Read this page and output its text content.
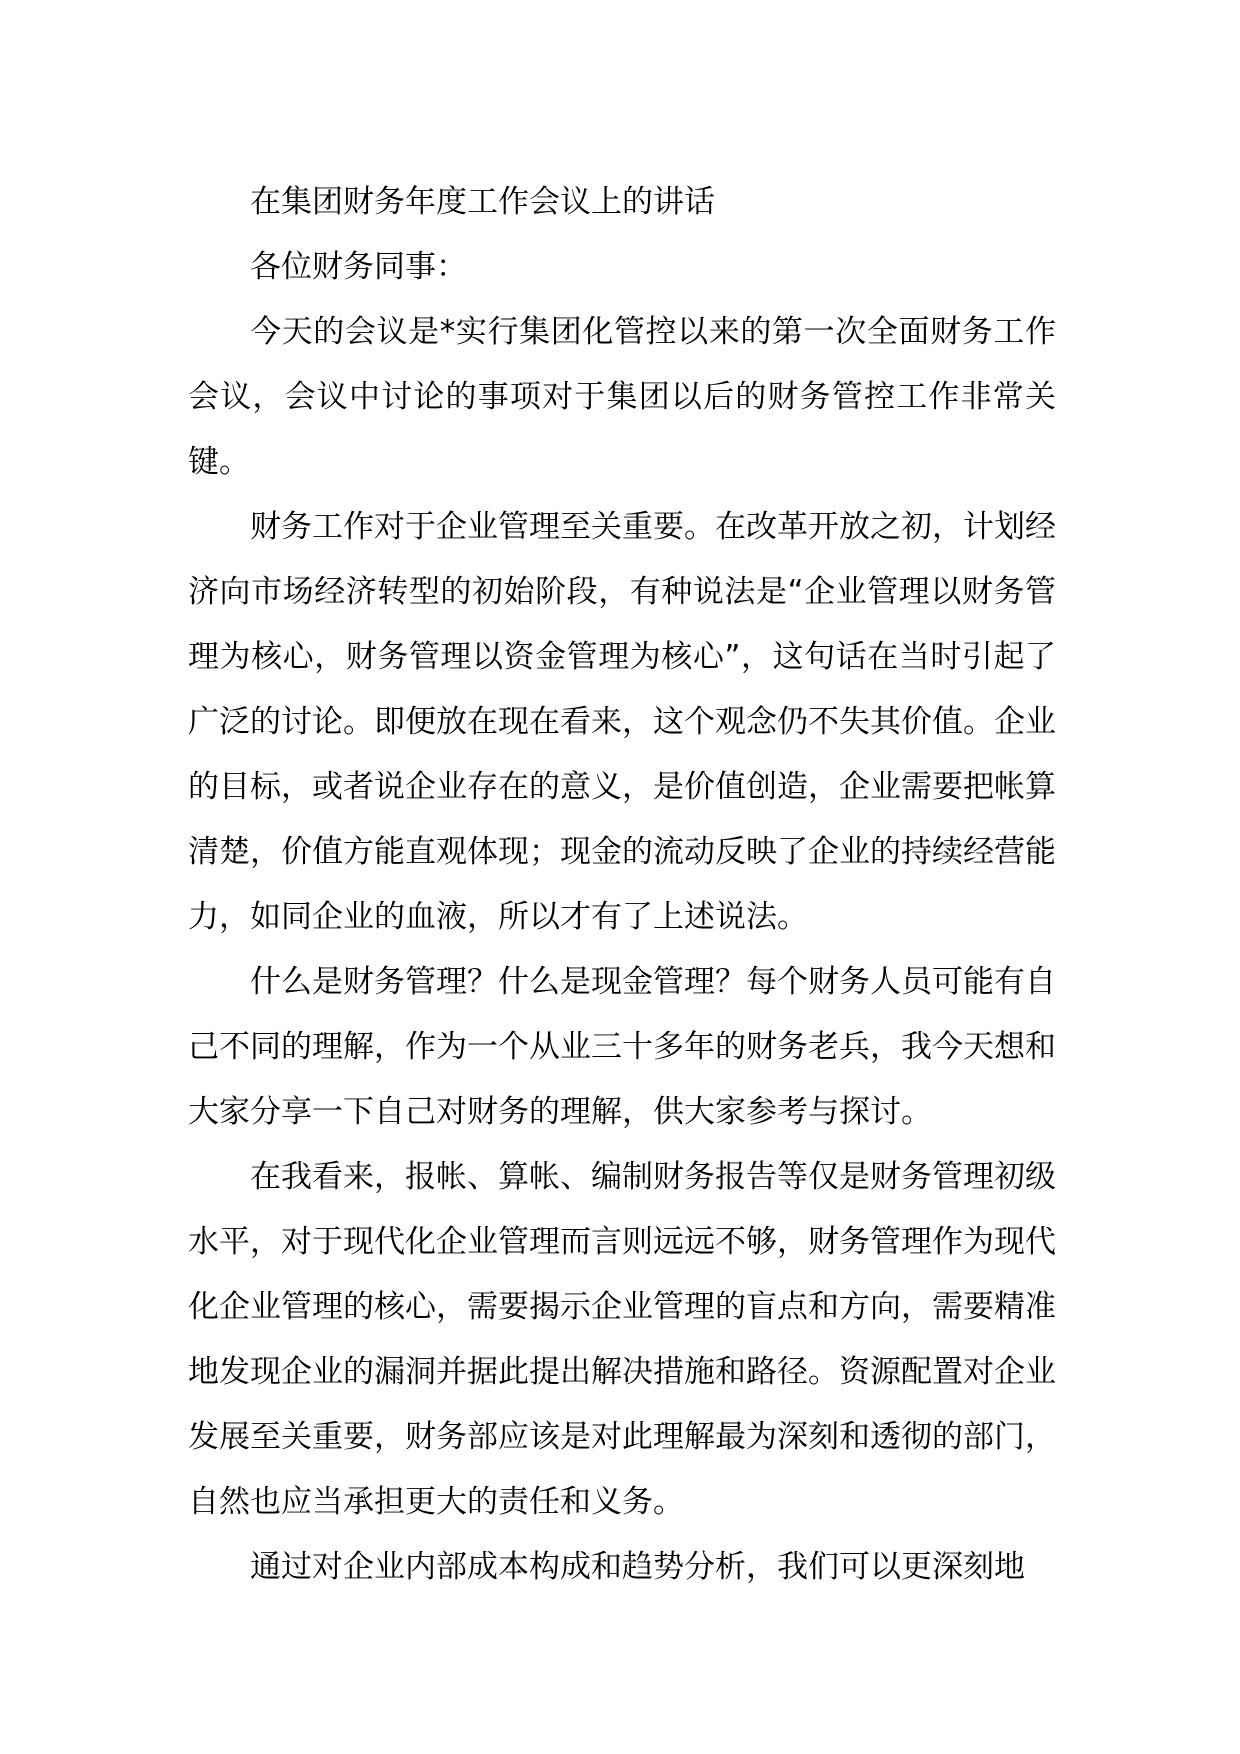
在集团财务年度工作会议上的讲话

各位财务同事：

今天的会议是*实行集团化管控以来的第一次全面财务工作会议，会议中讨论的事项对于集团以后的财务管控工作非常关键。

财务工作对于企业管理至关重要。在改革开放之初，计划经济向市场经济转型的初始阶段，有种说法是“企业管理以财务管理为核心，财务管理以资金管理为核心”，这句话在当时引起了广泛的讨论。即便放在现在看来，这个观念仍不失其价值。企业的目标，或者说企业存在的意义，是价值创造，企业需要把帐算清楚，价值方能直观体现；现金的流动反映了企业的持续经营能力，如同企业的血液，所以才有了上述说法。

什么是财务管理？什么是现金管理？每个财务人员可能有自己不同的理解，作为一个从业三十多年的财务老兵，我今天想和大家分享一下自己对财务的理解，供大家参考与探讨。

在我看来，报帐、算帐、编制财务报告等仅是财务管理初级水平，对于现代化企业管理而言则远远不够，财务管理作为现代化企业管理的核心，需要揭示企业管理的盲点和方向，需要精准地发现企业的漏洞并据此提出解决措施和路径。资源配置对企业发展至关重要，财务部应该是对此理解最为深刻和透彻的部门，自然也应当承担更大的责任和义务。

通过对企业内部成本构成和趋势分析，我们可以更深刻地
